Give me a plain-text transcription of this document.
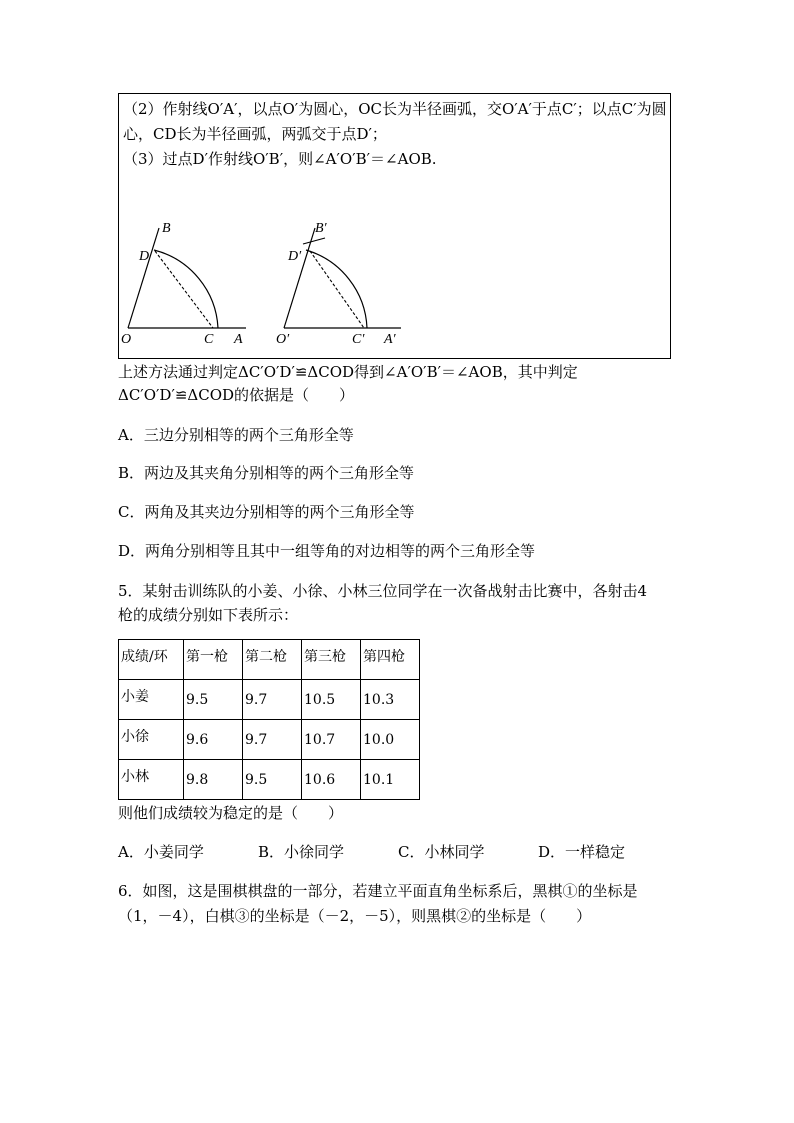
（2）作射线O′A′，以点O′为圆心，OC长为半径画弧，交O′A′于点C′；以点C′为圆
心，CD长为半径画弧，两弧交于点D′；
（3）过点D′作射线O′B′，则∠A′O′B′＝∠AOB.
B
D
O	C A
B′
D′
O′	C′ A′
上述方法通过判定ΔC′O′D′≌ΔCOD得到∠A′O′B′＝∠AOB，其中判定
ΔC′O′D′≌ΔCOD的依据是（　　）
A．三边分别相等的两个三角形全等
B．两边及其夹角分别相等的两个三角形全等
C．两角及其夹边分别相等的两个三角形全等
D．两角分别相等且其中一组等角的对边相等的两个三角形全等
5．某射击训练队的小姜、小徐、小林三位同学在一次备战射击比赛中，各射击4
枪的成绩分别如下表所示：
成绩/环	第一枪	第二枪	第三枪	第四枪
小姜	9.5	9.7	10.5	10.3
小徐	9.6	9.7	10.7	10.0
小林	9.8	9.5	10.6	10.1
则他们成绩较为稳定的是（　　）
A．小姜同学	B．小徐同学	C．小林同学	D．一样稳定
6．如图，这是围棋棋盘的一部分，若建立平面直角坐标系后，黑棋①的坐标是
（1，－4），白棋③的坐标是（－2，－5），则黑棋②的坐标是（　　）
